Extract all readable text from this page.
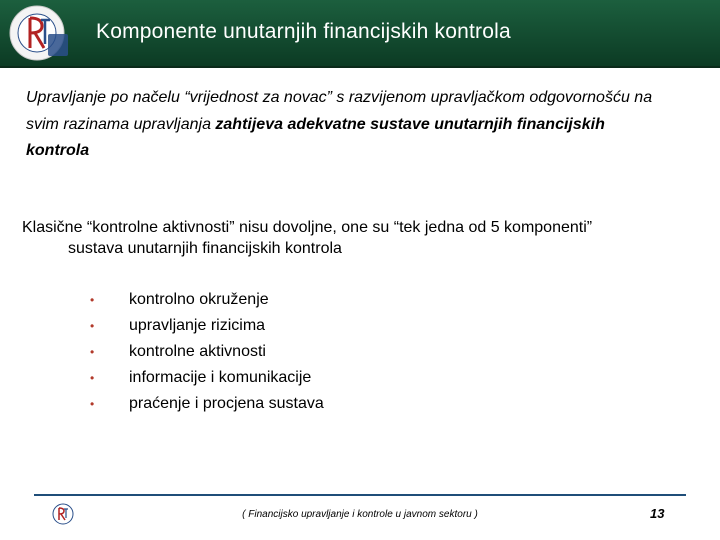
Komponente unutarnjih financijskih kontrola
Upravljanje po načelu “vrijednost za novac” s razvijenom upravljačkom odgovornošću na svim razinama upravljanja zahtijeva adekvatne sustave unutarnjih financijskih kontrola
Klasične “kontrolne aktivnosti” nisu dovoljne, one su “tek jedna od 5 komponenti”
sustava unutarnjih financijskih kontrola
• kontrolno okruženje
• upravljanje rizicima
• kontrolne aktivnosti
• informacije i komunikacije
• praćenje i procjena sustava
( Financijsko upravljanje i kontrole u javnom sektoru )	13
